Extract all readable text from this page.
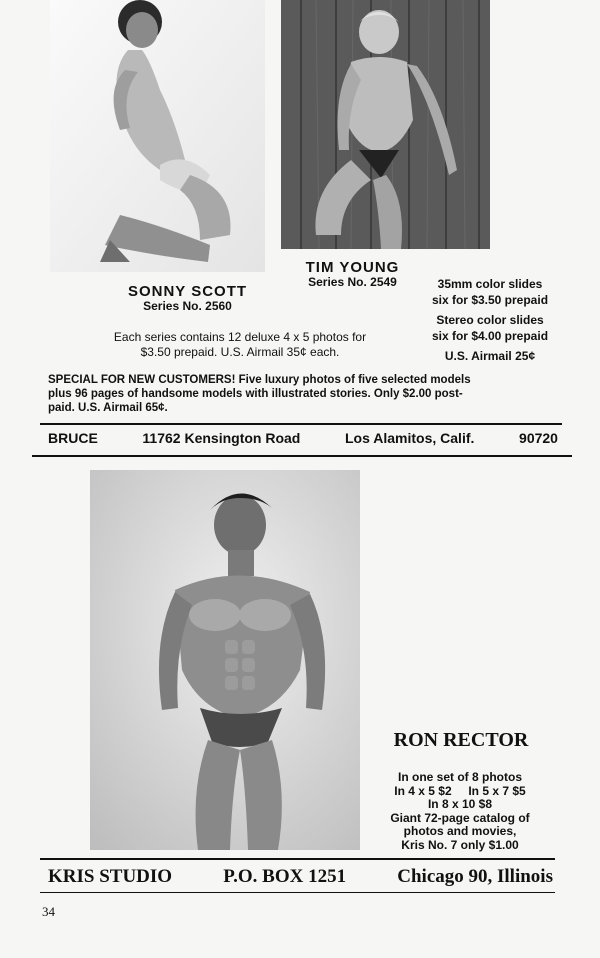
SONNY SCOTT
Series No. 2560
TIM YOUNG
Series No. 2549	35mm color slides
six for $3.50 prepaid
Stereo color slides
six for $4.00 prepaid
U.S. Airmail 25¢
Each series contains 12 deluxe 4 x 5 photos for
$3.50 prepaid. U.S. Airmail 35¢ each.
SPECIAL FOR NEW CUSTOMERS! Five luxury photos of five selected models
plus 96 pages of handsome models with illustrated stories. Only $2.00 post-
paid. U.S. Airmail 65¢.
BRUCE	11762 Kensington Road	Los Alamitos, Calif.	90720
RON RECTOR
In one set of 8 photos
In 4 x 5 $2     In 5 x 7 $5
In 8 x 10 $8
Giant 72-page catalog of
photos and movies,
Kris No. 7 only $1.00
KRIS STUDIO	P.O. BOX 1251	Chicago 90, Illinois
34
